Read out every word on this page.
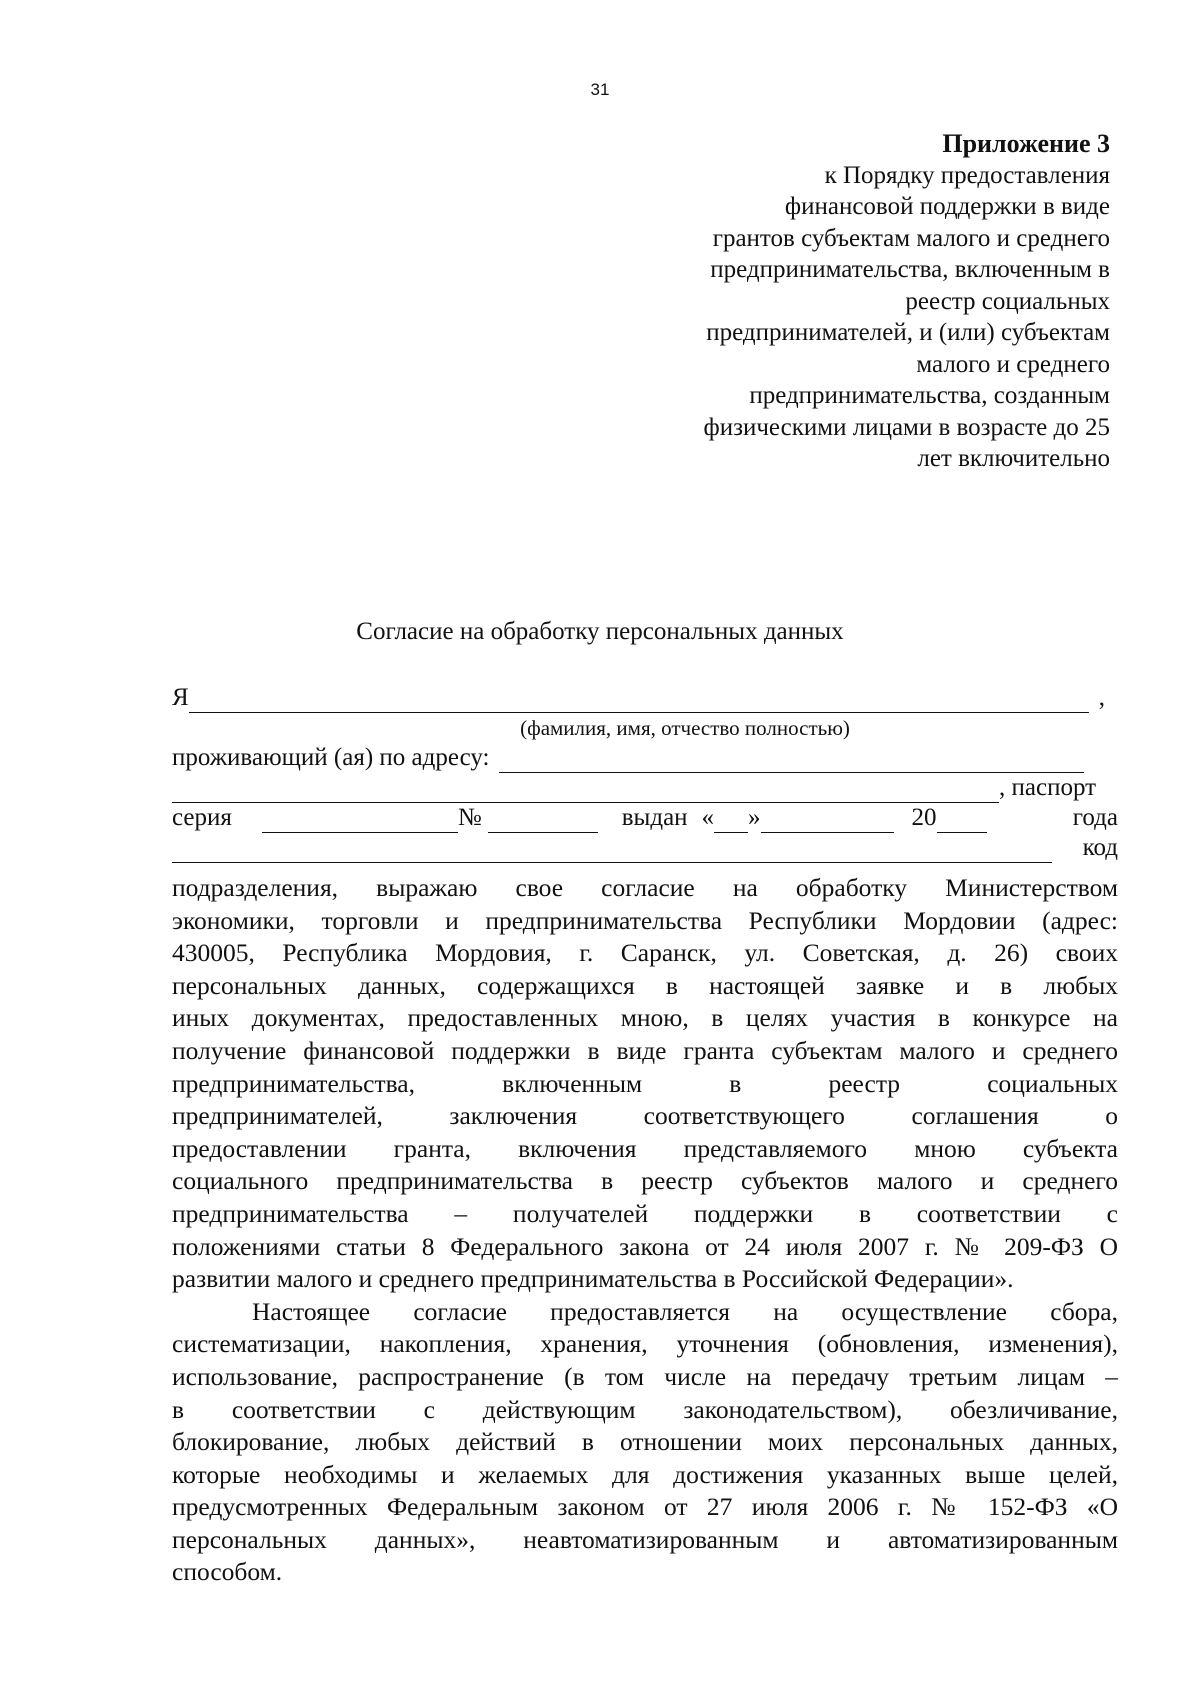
31
Приложение 3
к Порядку предоставления
финансовой поддержки в виде
грантов субъектам малого и среднего
предпринимательства, включенным в
реестр социальных
предпринимателей, и (или) субъектам
малого и среднего
предпринимательства, созданным
физическими лицами в возрасте до 25
лет включительно
Согласие на обработку персональных данных
Я	,
(фамилия, имя, отчество полностью)
проживающий (ая) по адресу:
, паспорт
серия	№	выдан « »	20	года
код
подразделения, выражаю свое согласие на обработку Министерством
экономики, торговли и предпринимательства Республики Мордовии (адрес:
430005, Республика Мордовия, г. Саранск, ул. Советская, д. 26) своих
персональных данных, содержащихся в настоящей заявке и в любых
иных документах, предоставленных мною, в целях участия в конкурсе на
получение финансовой поддержки в виде гранта субъектам малого и среднего
предпринимательства, включенным в реестр социальных
предпринимателей, заключения соответствующего соглашения о
предоставлении гранта, включения представляемого мною субъекта
социального предпринимательства в реестр субъектов малого и среднего
предпринимательства – получателей поддержки в соответствии с
положениями статьи 8 Федерального закона от 24 июля 2007 г. № 209-ФЗ О
развитии малого и среднего предпринимательства в Российской Федерации».
Настоящее согласие предоставляется на осуществление сбора,
систематизации, накопления, хранения, уточнения (обновления, изменения),
использование, распространение (в том числе на передачу третьим лицам –
в соответствии с действующим законодательством), обезличивание,
блокирование, любых действий в отношении моих персональных данных,
которые необходимы и желаемых для достижения указанных выше целей,
предусмотренных Федеральным законом от 27 июля 2006 г. № 152-ФЗ «О
персональных данных», неавтоматизированным и автоматизированным
способом.
